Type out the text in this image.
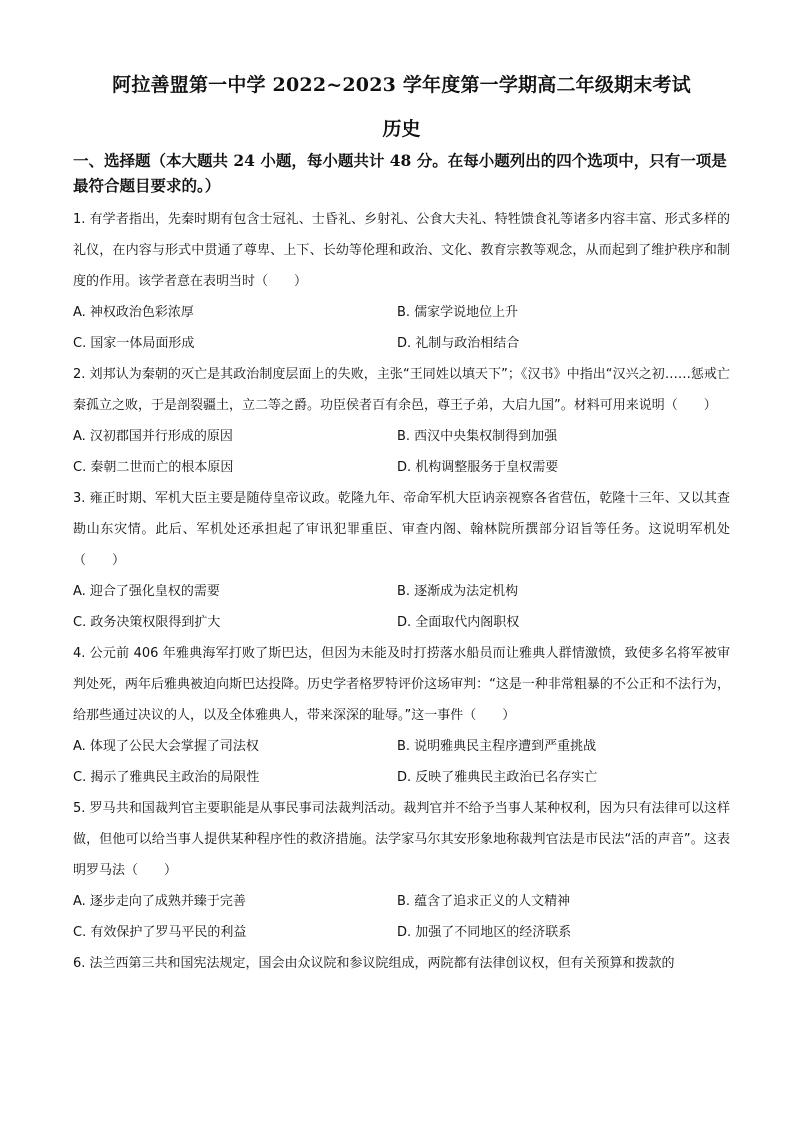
阿拉善盟第一中学 2022~2023 学年度第一学期高二年级期末考试
历史
一、选择题（本大题共 24 小题，每小题共计 48 分。在每小题列出的四个选项中，只有一项是最符合题目要求的。）
1. 有学者指出，先秦时期有包含士冠礼、士昏礼、乡射礼、公食大夫礼、特牲馈食礼等诸多内容丰富、形式多样的礼仪，在内容与形式中贯通了尊卑、上下、长幼等伦理和政治、文化、教育宗教等观念，从而起到了维护秩序和制度的作用。该学者意在表明当时（　　）
A. 神权政治色彩浓厚	B. 儒家学说地位上升
C. 国家一体局面形成	D. 礼制与政治相结合
2. 刘邦认为秦朝的灭亡是其政治制度层面上的失败，主张“王同姓以填天下”；《汉书》中指出“汉兴之初……惩戒亡秦孤立之败，于是剖裂疆土，立二等之爵。功臣侯者百有余邑，尊王子弟，大启九国”。材料可用来说明（　　）
A. 汉初郡国并行形成的原因	B. 西汉中央集权制得到加强
C. 秦朝二世而亡的根本原因	D. 机构调整服务于皇权需要
3. 雍正时期、军机大臣主要是随侍皇帝议政。乾隆九年、帝命军机大臣讷亲视察各省营伍，乾隆十三年、又以其查勘山东灾情。此后、军机处还承担起了审讯犯罪重臣、审查内阁、翰林院所撰部分诏旨等任务。这说明军机处（　　）
A. 迎合了强化皇权的需要	B. 逐渐成为法定机构
C. 政务决策权限得到扩大	D. 全面取代内阁职权
4. 公元前 406 年雅典海军打败了斯巴达，但因为未能及时打捞落水船员而让雅典人群情激愤，致使多名将军被审判处死，两年后雅典被迫向斯巴达投降。历史学者格罗特评价这场审判：“这是一种非常粗暴的不公正和不法行为，给那些通过决议的人，以及全体雅典人，带来深深的耻辱。”这一事件（　　）
A. 体现了公民大会掌握了司法权	B. 说明雅典民主程序遭到严重挑战
C. 揭示了雅典民主政治的局限性	D. 反映了雅典民主政治已名存实亡
5. 罗马共和国裁判官主要职能是从事民事司法裁判活动。裁判官并不给予当事人某种权利，因为只有法律可以这样做，但他可以给当事人提供某种程序性的救济措施。法学家马尔其安形象地称裁判官法是市民法“活的声音”。这表明罗马法（　　）
A. 逐步走向了成熟并臻于完善	B. 蕴含了追求正义的人文精神
C. 有效保护了罗马平民的利益	D. 加强了不同地区的经济联系
6. 法兰西第三共和国宪法规定，国会由众议院和参议院组成，两院都有法律创议权，但有关预算和拨款的
